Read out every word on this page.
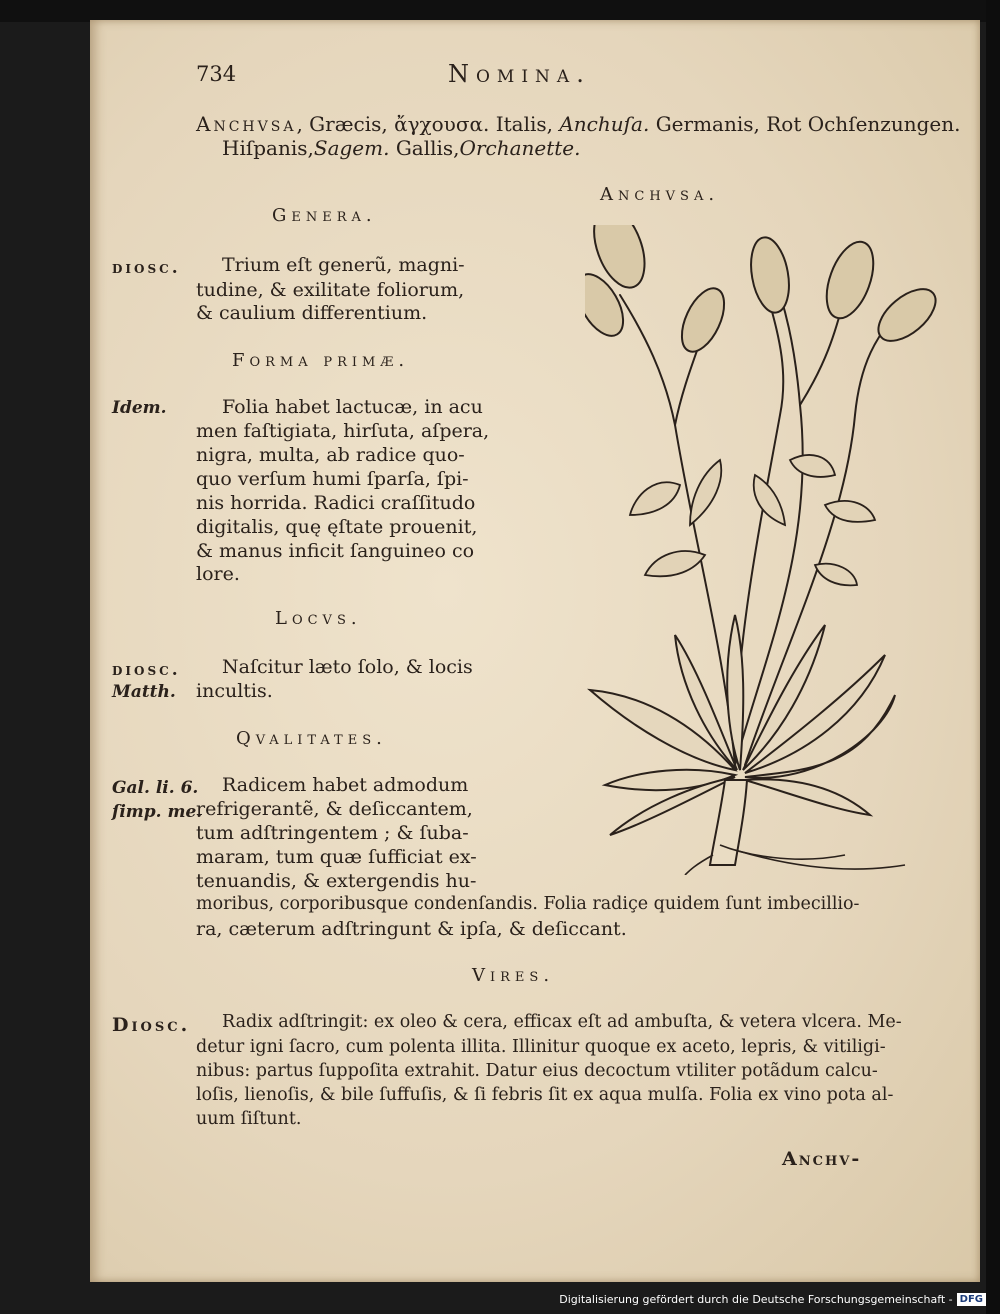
734	Nomina.
Anchvsa, Græcis, ἄγχουσα. Italis, Anchuſa. Germanis, Rot Ochſenzungen.
Hiſpanis,Sagem. Gallis,Orchanette.
Anchvsa.
Genera.
diosc. Trium eſt generũ, magni-
tudine, & exilitate foliorum,
& caulium differentium.
Forma primæ.
Idem.	Folia habet lactucæ, in acu
men faſtigiata, hirſuta, aſpera,
nigra, multa, ab radice quo-
quo verſum humi ſparſa, ſpi-
nis horrida. Radici craſſitudo
digitalis, quę ęſtate prouenit,
& manus inficit ſanguineo co
lore.
Locvs.
diosc.
Matth.
Naſcitur læto ſolo, & locis
incultis.
Qvalitates.
Gal. li. 6.
ſimp. me.
Radicem habet admodum
refrigerantẽ, & deſiccantem,
tum adſtringentem ; & ſuba-
maram, tum quæ ſufficiat ex-
tenuandis, & extergendis hu-
moribus, corporibusque condenſandis. Folia radiçe quidem ſunt imbecillio-
ra, cæterum adſtringunt & ipſa, & deſiccant.
Vires.
Diosc. Radix adſtringit: ex oleo & cera, efficax eſt ad ambuſta, & vetera vlcera. Me-
detur igni ſacro, cum polenta illita. Illinitur quoque ex aceto, lepris, & vitiligi-
nibus: partus ſuppoſita extrahit. Datur eius decoctum vtiliter potãdum calcu-
loſis, lienoſis, & bile ſuffuſis, & ſi febris ſit ex aqua mulſa. Folia ex vino pota al-
uum ſiſtunt.
Anchv-
Digitalisierung gefördert durch die Deutsche Forschungsgemeinschaft - DFG
